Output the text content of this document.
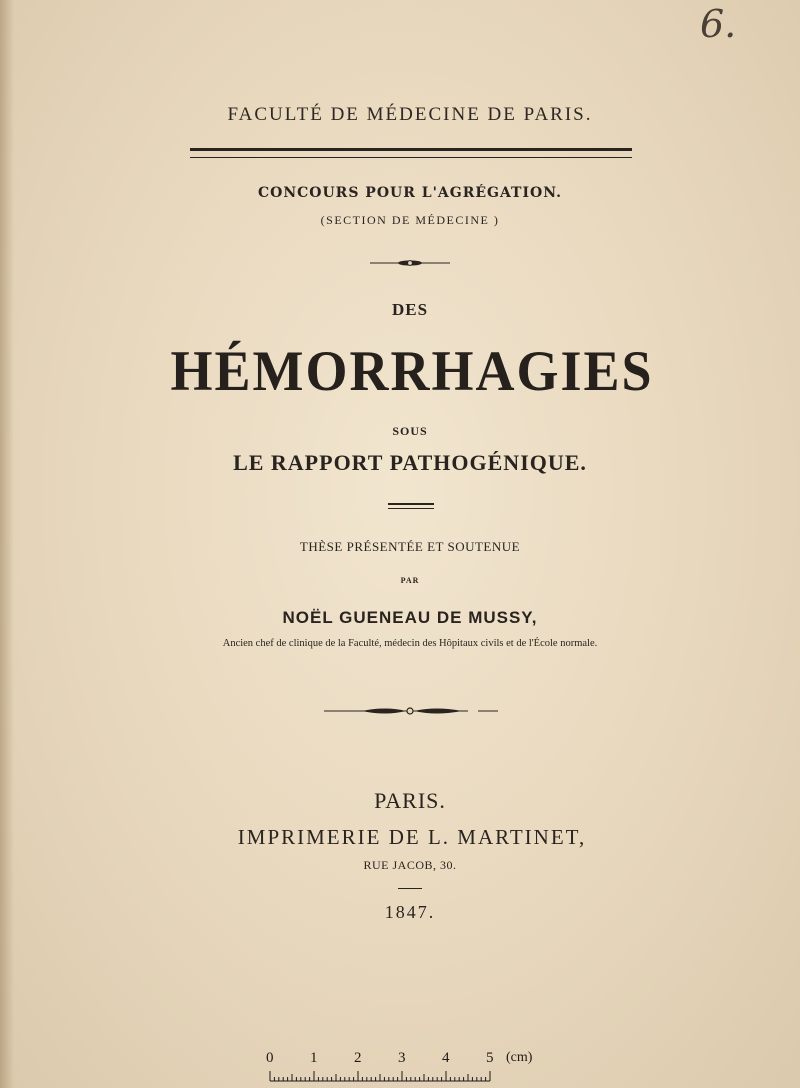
6.
FACULTÉ DE MÉDECINE DE PARIS.
CONCOURS POUR L'AGRÉGATION.
(SECTION DE MÉDECINE )
DES
HÉMORRHAGIES
SOUS
LE RAPPORT PATHOGÉNIQUE.
THÈSE PRÉSENTÉE ET SOUTENUE
PAR
NOËL GUENEAU DE MUSSY,
Ancien chef de clinique de la Faculté, médecin des Hôpitaux civils et de l'École normale.
PARIS.
IMPRIMERIE DE L. MARTINET,
RUE JACOB, 30.
1847.
0 1 2 3 4 5 (cm)
